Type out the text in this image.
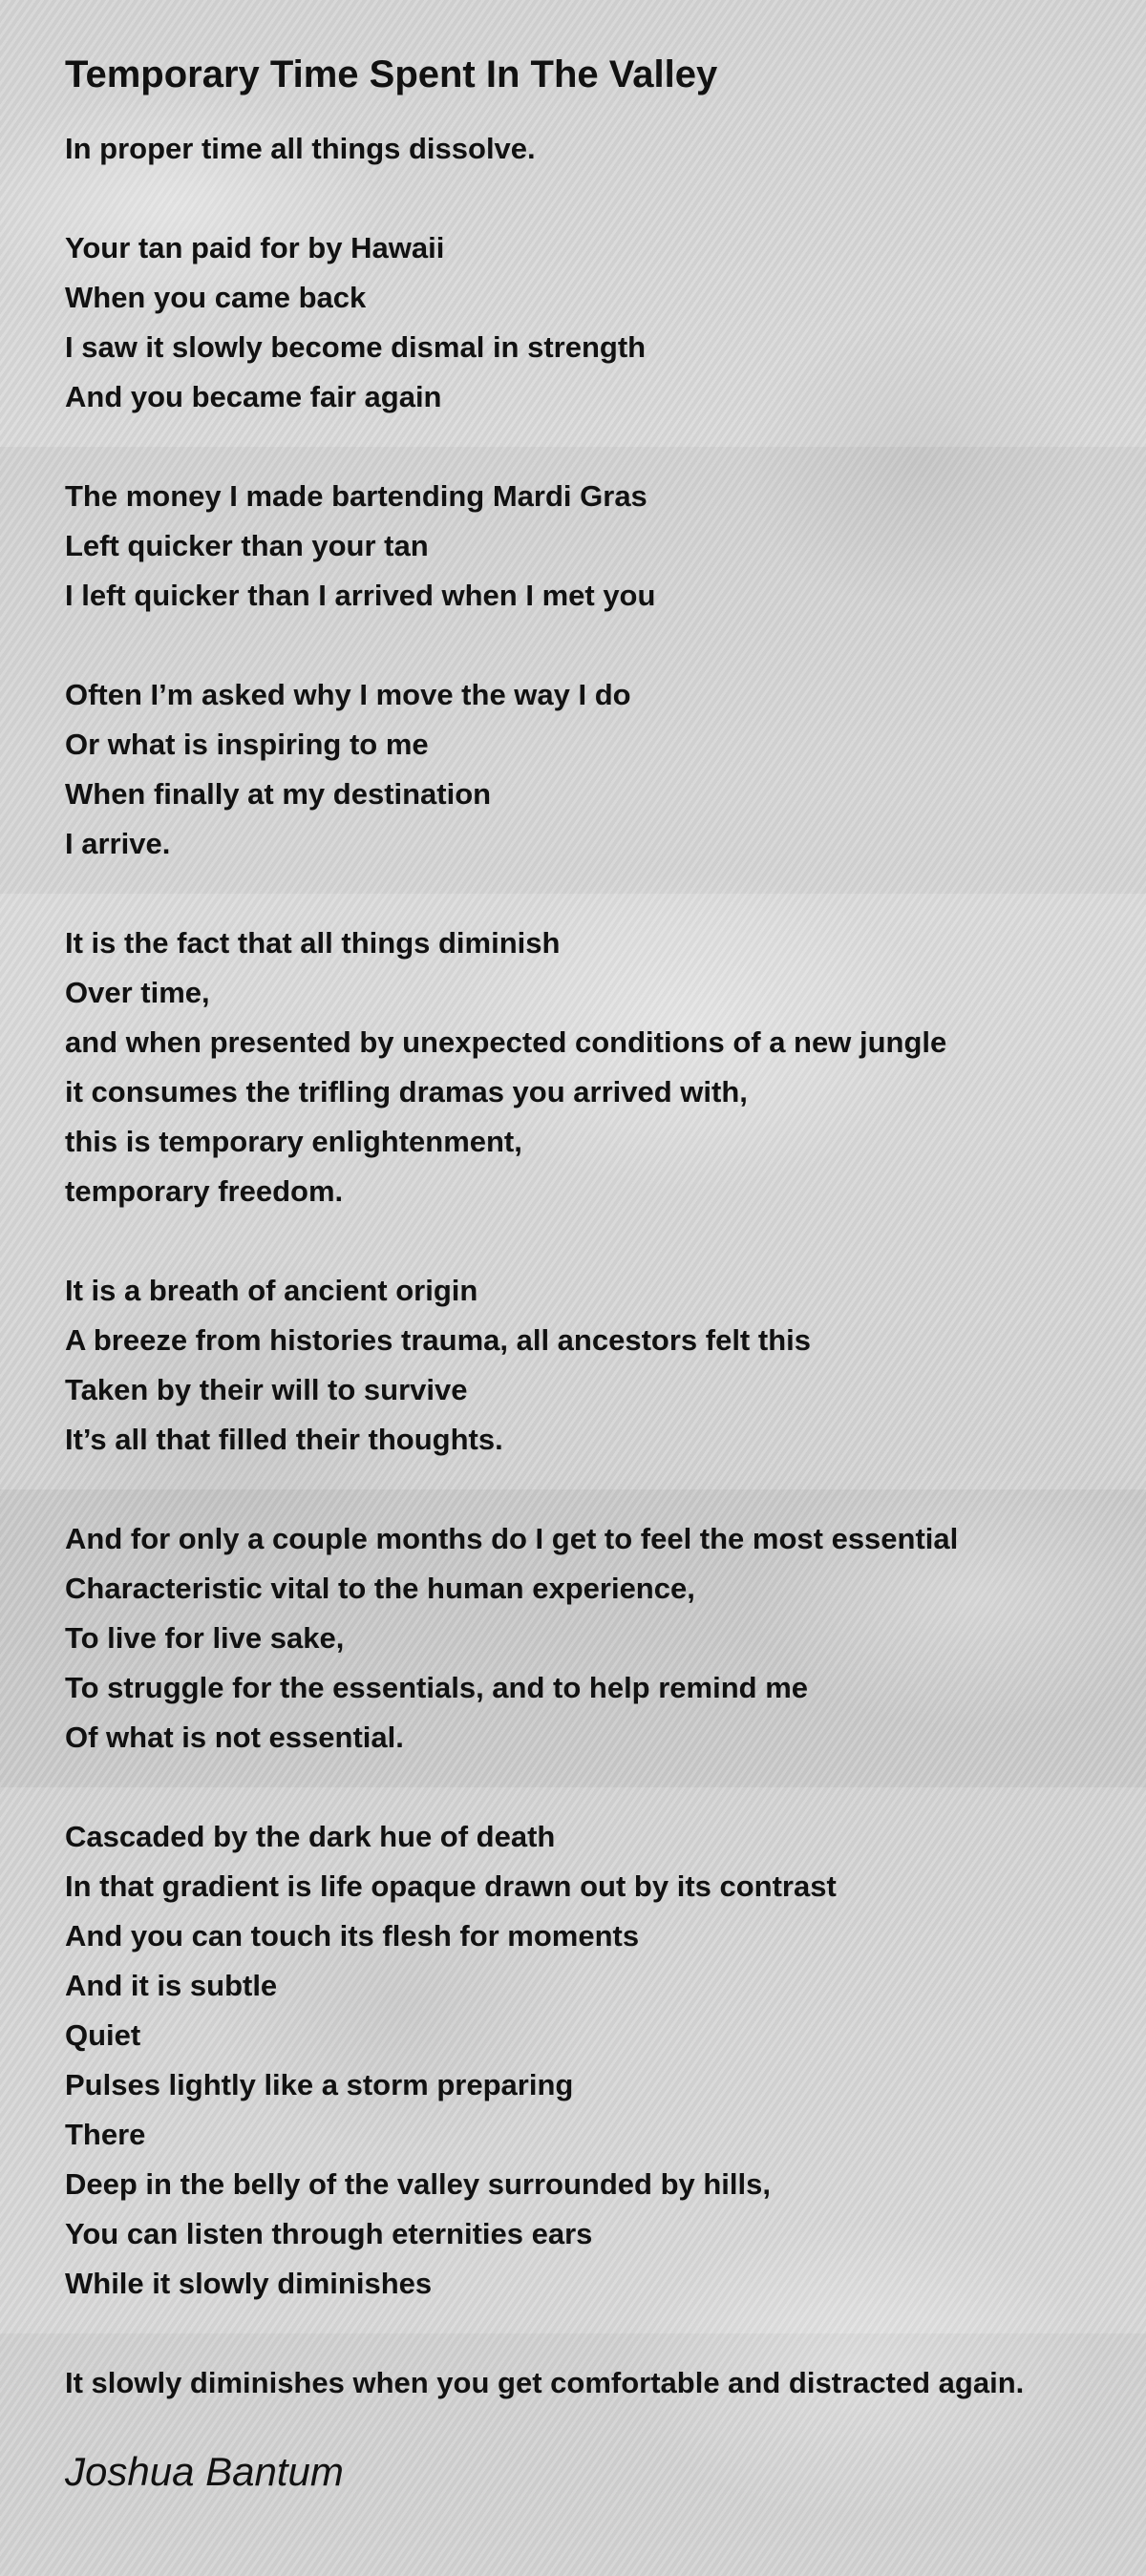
Temporary Time Spent In The Valley
In proper time all things dissolve.
Your tan paid for by Hawaii
When you came back
I saw it slowly become dismal in strength
And you became fair again
The money I made bartending Mardi Gras
Left quicker than your tan
I left quicker than I arrived when I met you
Often I’m asked why I move the way I do
Or what is inspiring to me
When finally at my destination
I arrive.
It is the fact that all things diminish
Over time,
and when presented by unexpected conditions of a new jungle
it consumes the trifling dramas you arrived with,
this is temporary enlightenment,
temporary freedom.
It is a breath of ancient origin
A breeze from histories trauma, all ancestors felt this
Taken by their will to survive
It’s all that filled their thoughts.
And for only a couple months do I get to feel the most essential
Characteristic vital to the human experience,
To live for live sake,
To struggle for the essentials, and to help remind me
Of what is not essential.
Cascaded by the dark hue of death
In that gradient is life opaque drawn out by its contrast
And you can touch its flesh for moments
And it is subtle
Quiet
Pulses lightly like a storm preparing
There
Deep in the belly of the valley surrounded by hills,
You can listen through eternities ears
While it slowly diminishes
It slowly diminishes when you get comfortable and distracted again.
Joshua Bantum
